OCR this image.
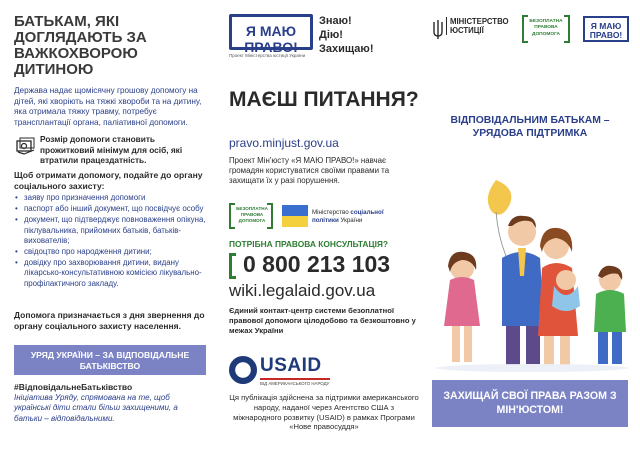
БАТЬКАМ, ЯКІ ДОГЛЯДАЮТЬ ЗА ВАЖКОХВОРОЮ ДИТИНОЮ
Держава надає щомісячну грошову допомогу на дітей, які хворіють на тяжкі хвороби та на дитину, яка отримала тяжку травму, потребує трансплантації органа, паліативної допомоги.
Розмір допомоги становить прожитковий мінімум для осіб, які втратили працездатність.
Щоб отримати допомогу, подайте до органу соціального захисту:
• заяву про призначення допомоги
• паспорт або інший документ, що посвідчує особу
• документ, що підтверджує повноваження опікуна, піклувальника, прийомних батьків, батьків-вихователів;
• свідоцтво про народження дитини;
• довідку про захворювання дитини, видану лікарсько-консультативною комісією лікувально-профілактичного закладу.
Допомога призначається з дня звернення до органу соціального захисту населення.
УРЯД УКРАЇНИ – ЗА ВІДПОВІДАЛЬНЕ БАТЬКІВСТВО
#ВідповідальнеБатьківство
Ініціатива Уряду, спрямована на те, щоб українські діти стали більш захищеними, а батьки – відповідальними.
Я МАЮ ПРАВО!
Проект Міністерства юстиції України
Знаю!
Дію!
Захищаю!
МАЄШ ПИТАННЯ?
pravo.minjust.gov.ua
Проект Мін'юсту «Я МАЮ ПРАВО!» навчає громадян користуватися своїми правами та захищати їх у разі порушення.
БЕЗОПЛАТНА ПРАВОВА ДОПОМОГА
Міністерство соціальної політики України
ПОТРІБНА ПРАВОВА КОНСУЛЬТАЦІЯ?
0 800 213 103
wiki.legalaid.gov.ua
Єдиний контакт-центр системи безоплатної правової допомоги цілодобово та безкоштовно у межах України
USAID
ВІД АМЕРИКАНСЬКОГО НАРОДУ
Ця публікація здійснена за підтримки американського народу, наданої через Агентство США з міжнародного розвитку (USAID) в рамках Програми «Нове правосуддя»
МІНІСТЕРСТВО ЮСТИЦІЇ
БЕЗОПЛАТНА ПРАВОВА ДОПОМОГА
Я МАЮ ПРАВО!
ВІДПОВІДАЛЬНИМ БАТЬКАМ – УРЯДОВА ПІДТРИМКА
ЗАХИЩАЙ СВОЇ ПРАВА РАЗОМ З МІН'ЮСТОМ!
